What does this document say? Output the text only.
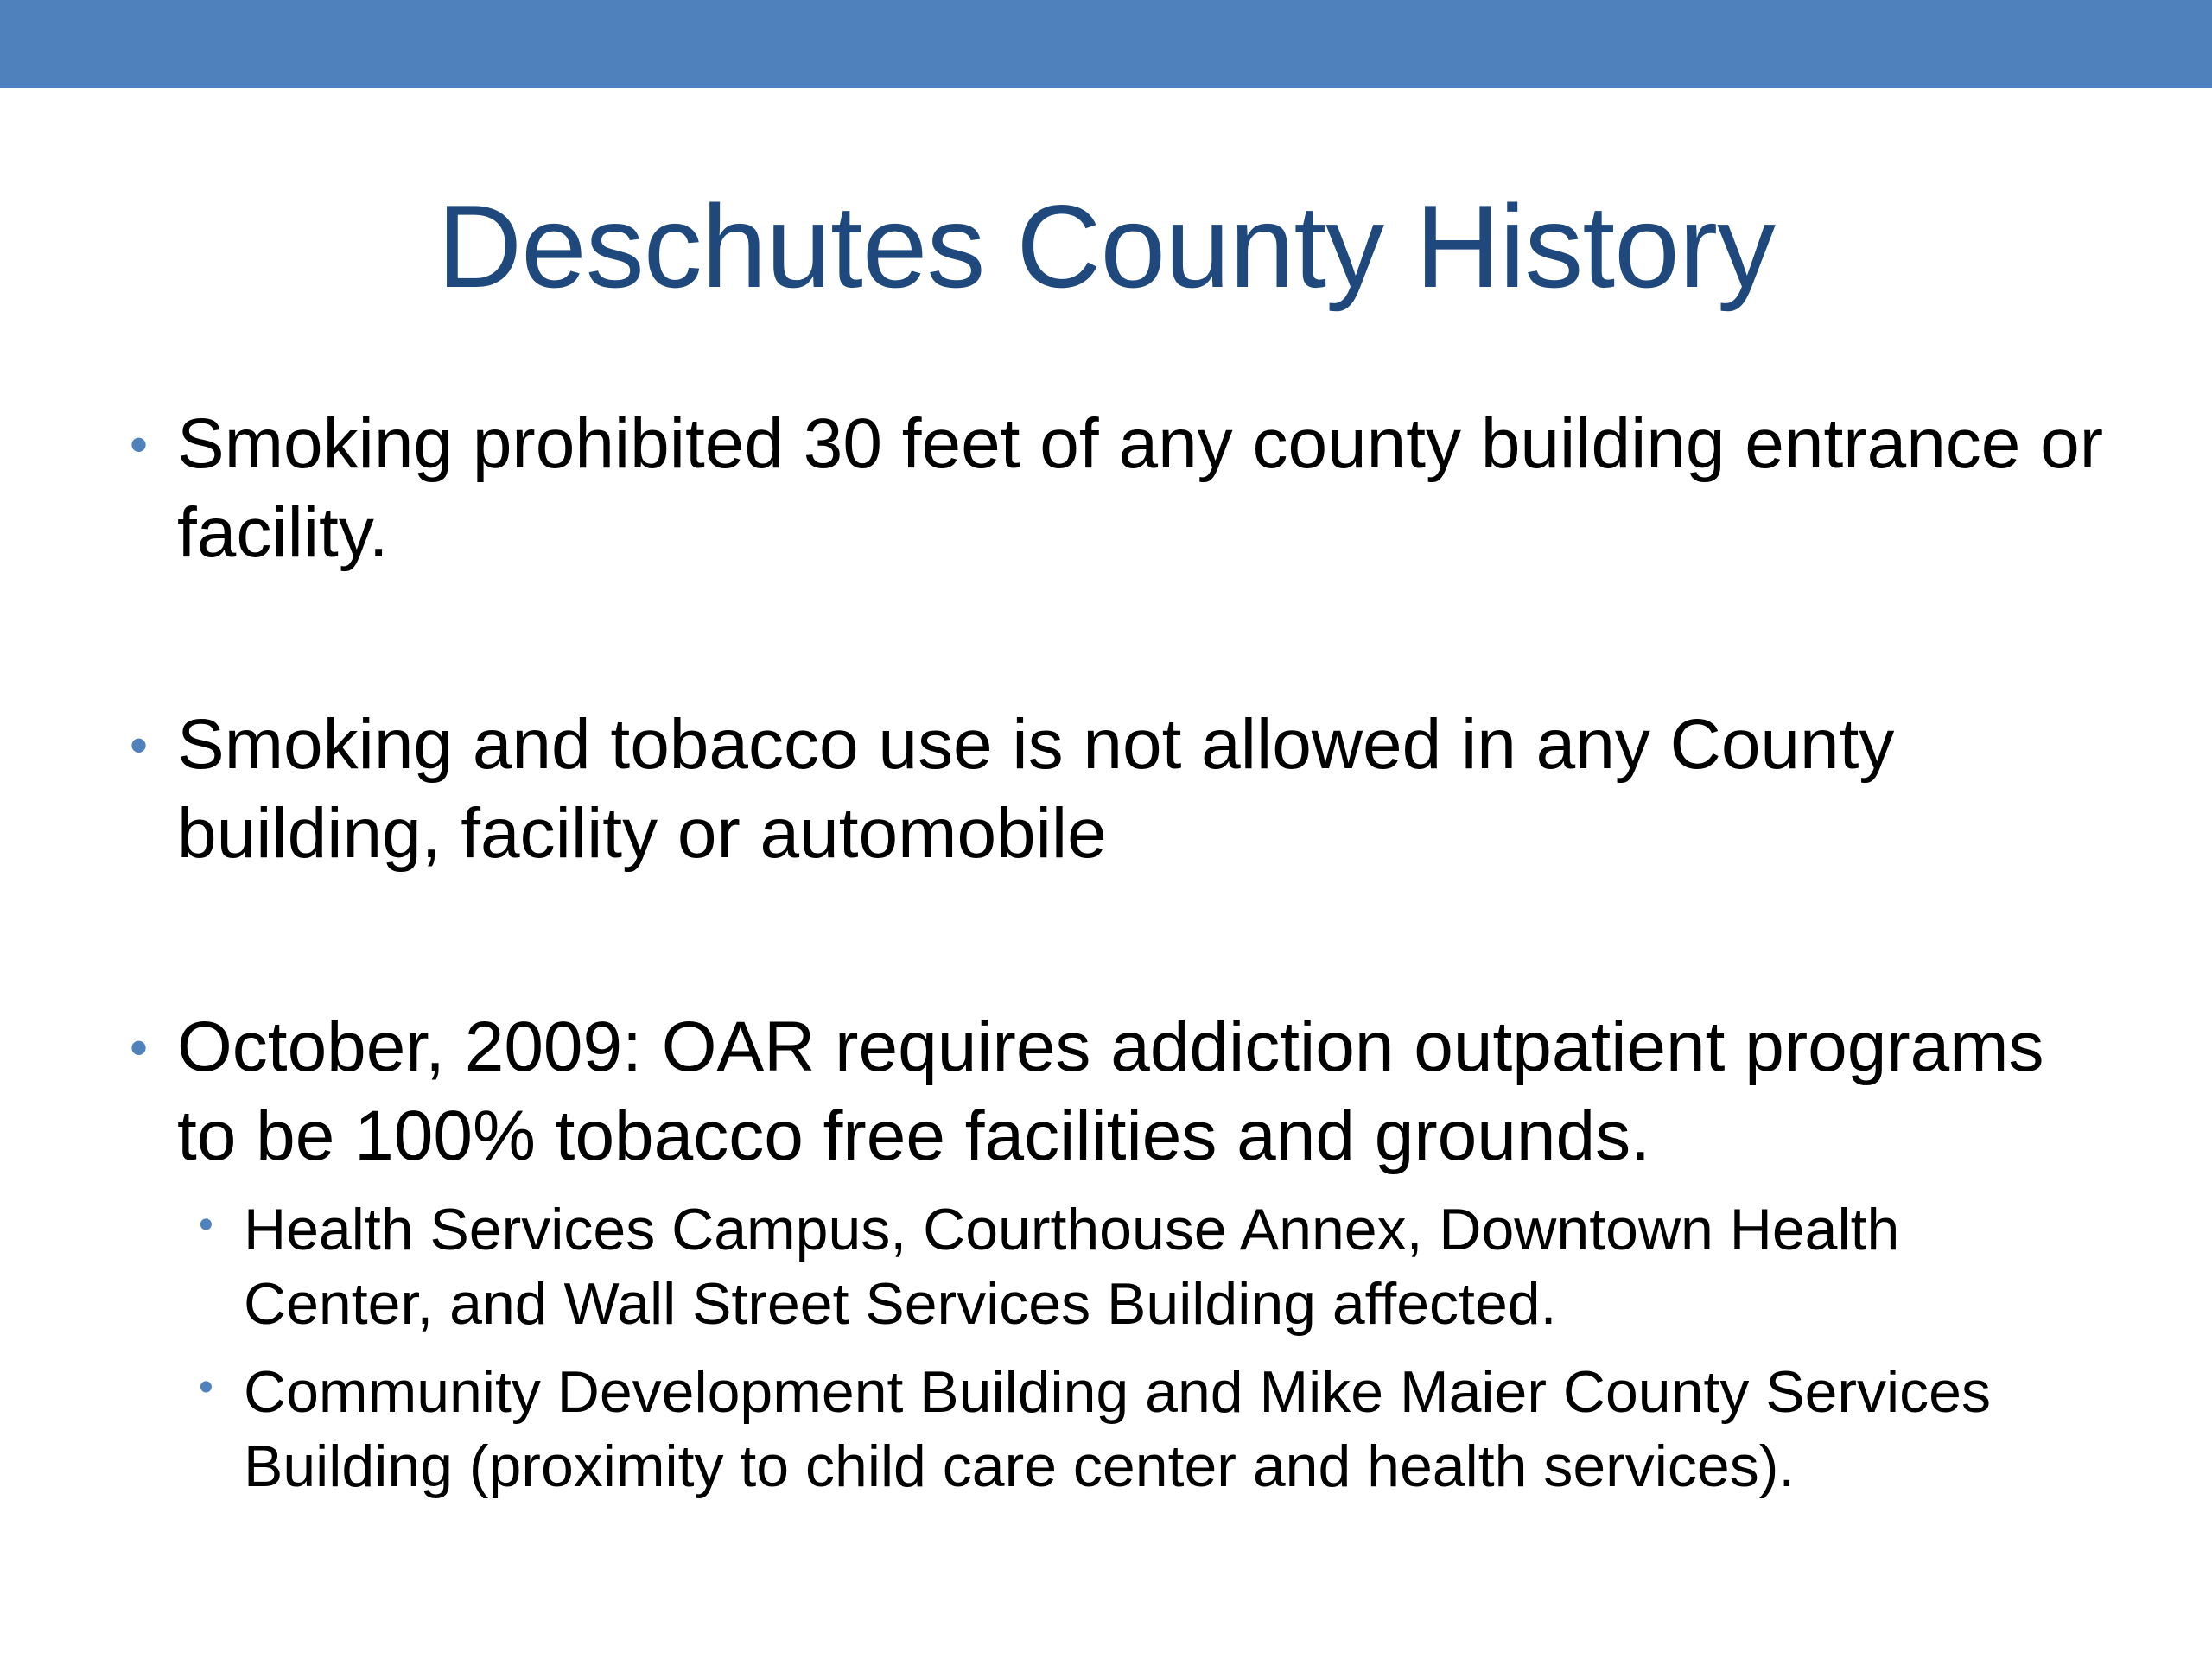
Deschutes County History
• Smoking prohibited 30 feet of any county building entrance or facility.
• Smoking and tobacco use is not allowed in any County building, facility or automobile
• October, 2009: OAR requires addiction outpatient programs to be 100% tobacco free facilities and grounds.
• Health Services Campus, Courthouse Annex, Downtown Health Center, and Wall Street Services Building affected.
• Community Development Building and Mike Maier County Services Building (proximity to child care center and health services).
